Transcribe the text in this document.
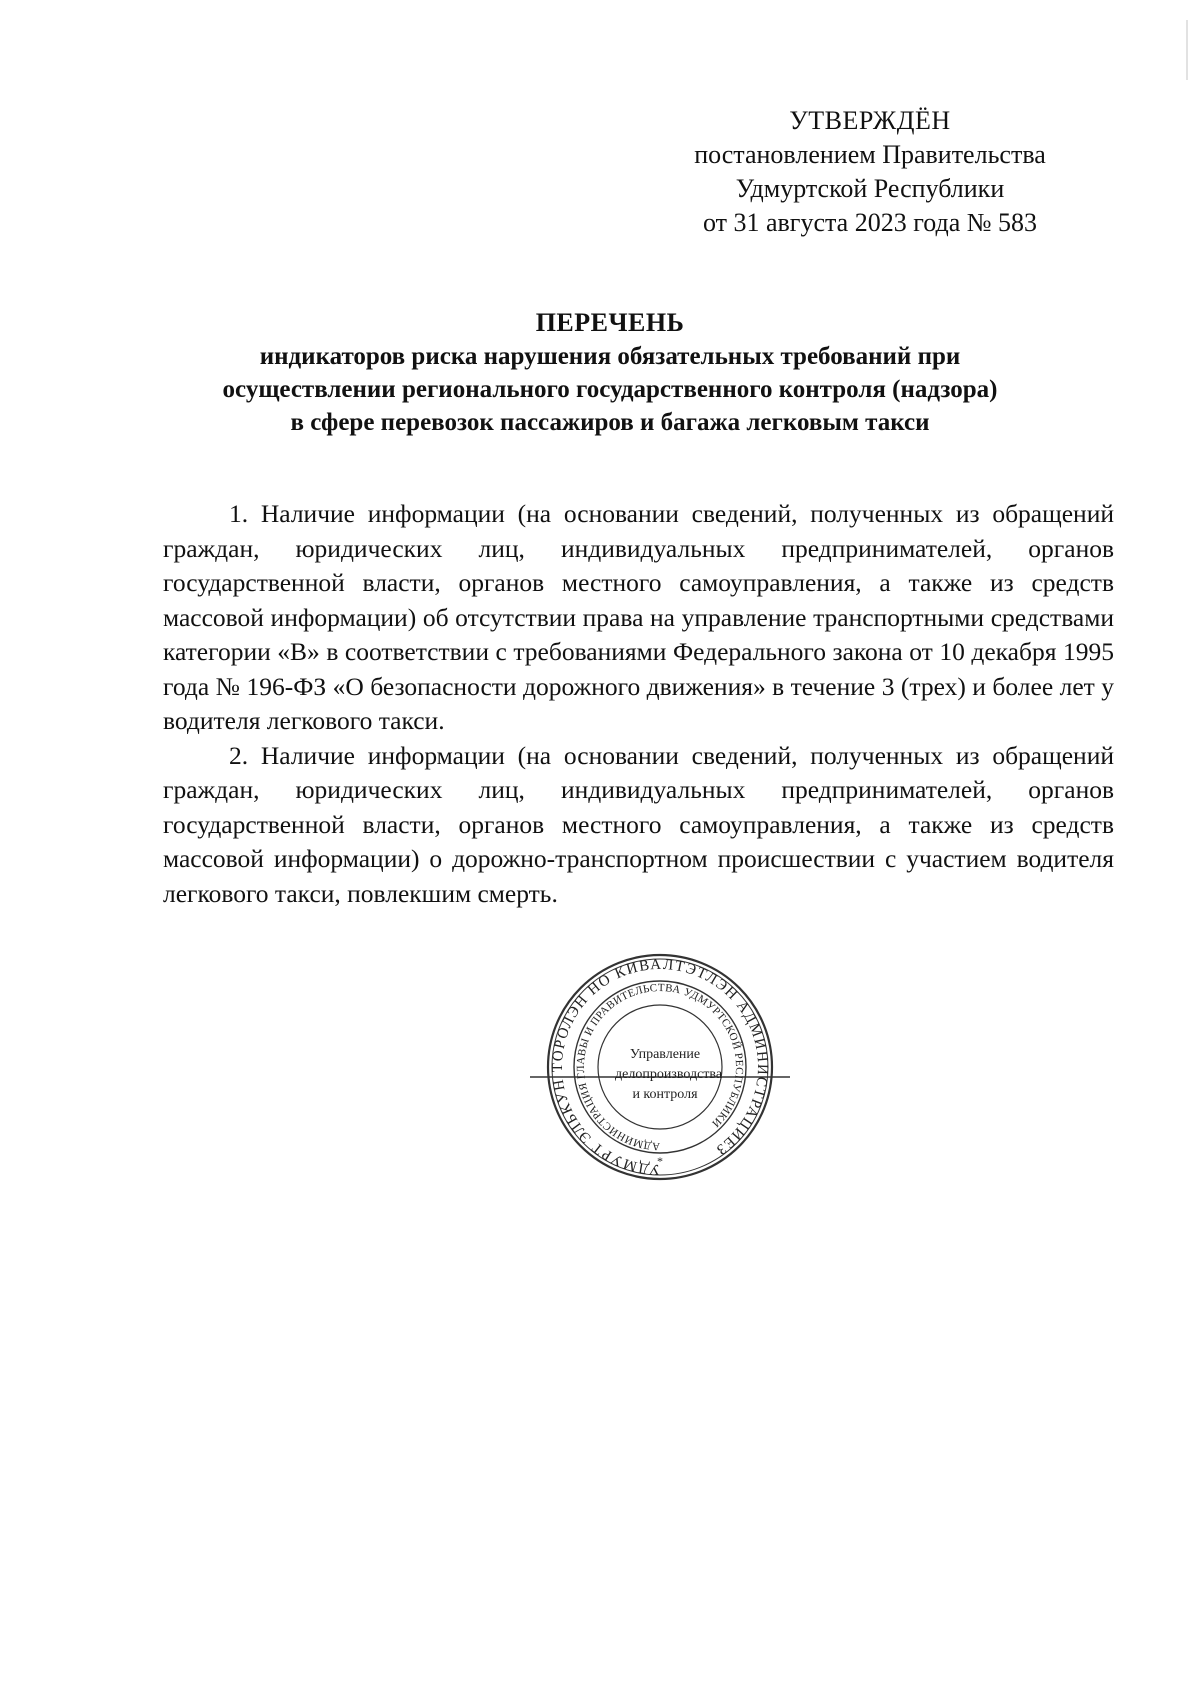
УТВЕРЖДЁН
постановлением Правительства
Удмуртской Республики
от 31 августа 2023 года № 583
ПЕРЕЧЕНЬ
индикаторов риска нарушения обязательных требований при
осуществлении регионального государственного контроля (надзора)
в сфере перевозок пассажиров и багажа легковым такси

1. Наличие информации (на основании сведений, полученных из обращений граждан, юридических лиц, индивидуальных предпринимателей, органов государственной власти, органов местного самоуправления, а также из средств массовой информации) об отсутствии права на управление транспортными средствами категории «В» в соответствии с требованиями Федерального закона от 10 декабря 1995 года № 196-ФЗ «О безопасности дорожного движения» в течение 3 (трех) и более лет у водителя легкового такси.

2. Наличие информации (на основании сведений, полученных из обращений граждан, юридических лиц, индивидуальных предпринимателей, органов государственной власти, органов местного самоуправления, а также из средств массовой информации) о дорожно-транспортном происшествии с участием водителя легкового такси, повлекшим смерть.

УДМУРТ ЭЛЬКУН ТОРОЛЭН НО КИВАЛТЭТЛЭН АДМИНИСТРАЦИЕЗ
АДМИНИСТРАЦИЯ ГЛАВЫ И ПРАВИТЕЛЬСТВА УДМУРТСКОЙ РЕСПУБЛИКИ
*
Управление
делопроизводства
и контроля
